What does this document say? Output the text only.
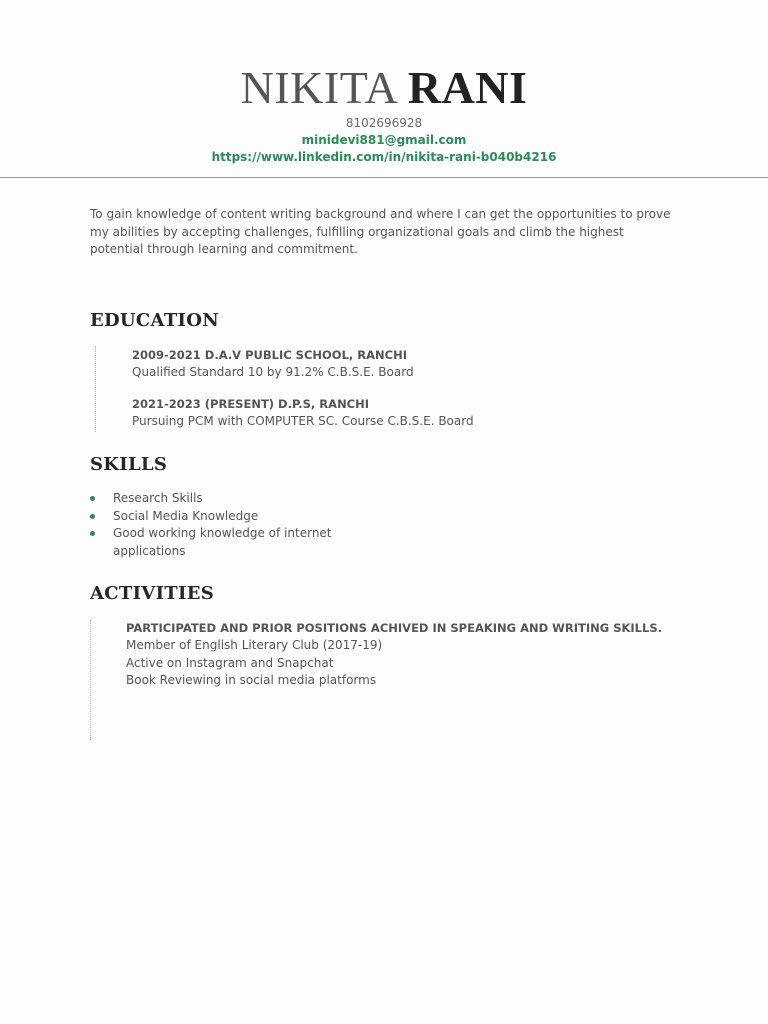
NIKITA RANI
8102696928
minidevi881@gmail.com
https://www.linkedin.com/in/nikita-rani-b040b4216
To gain knowledge of content writing background and where I can get the opportunities to prove my abilities by accepting challenges, fulfilling organizational goals and climb the highest potential through learning and commitment.
EDUCATION
2009-2021 D.A.V PUBLIC SCHOOL, RANCHI
Qualified Standard 10 by 91.2% C.B.S.E. Board
2021-2023 (PRESENT) D.P.S, RANCHI
Pursuing PCM with COMPUTER SC. Course C.B.S.E. Board
SKILLS
Research Skills
Social Media Knowledge
Good working knowledge of internet applications
ACTIVITIES
PARTICIPATED AND PRIOR POSITIONS ACHIVED IN SPEAKING AND WRITING SKILLS.
Member of English Literary Club (2017-19)
Active on Instagram and Snapchat
Book Reviewing in social media platforms
